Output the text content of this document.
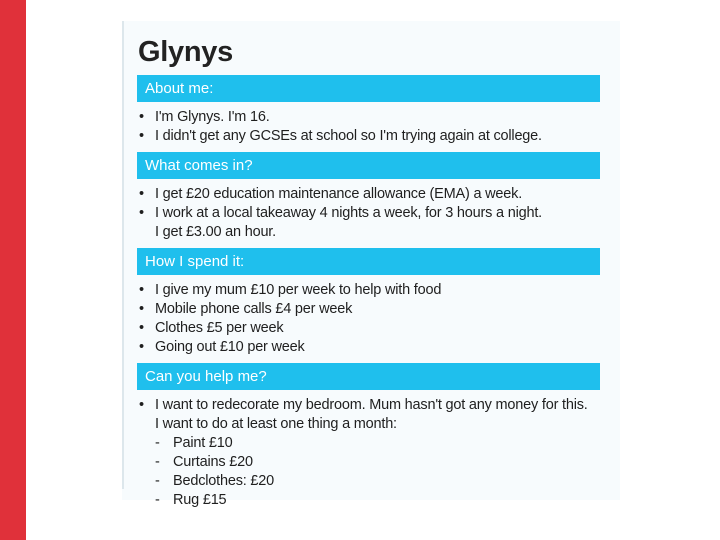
Glynys
About me:
• I'm Glynys. I'm 16.
• I didn't get any GCSEs at school so I'm trying again at college.
What comes in?
• I get £20 education maintenance allowance (EMA) a week.
• I work at a local takeaway 4 nights a week, for 3 hours a night.
I get £3.00 an hour.
How I spend it:
• I give my mum £10 per week to help with food
• Mobile phone calls £4 per week
• Clothes £5 per week
• Going out £10 per week
Can you help me?
• I want to redecorate my bedroom. Mum hasn't got any money for this.
I want to do at least one thing a month:
- Paint £10
- Curtains £20
- Bedclothes: £20
- Rug £15
